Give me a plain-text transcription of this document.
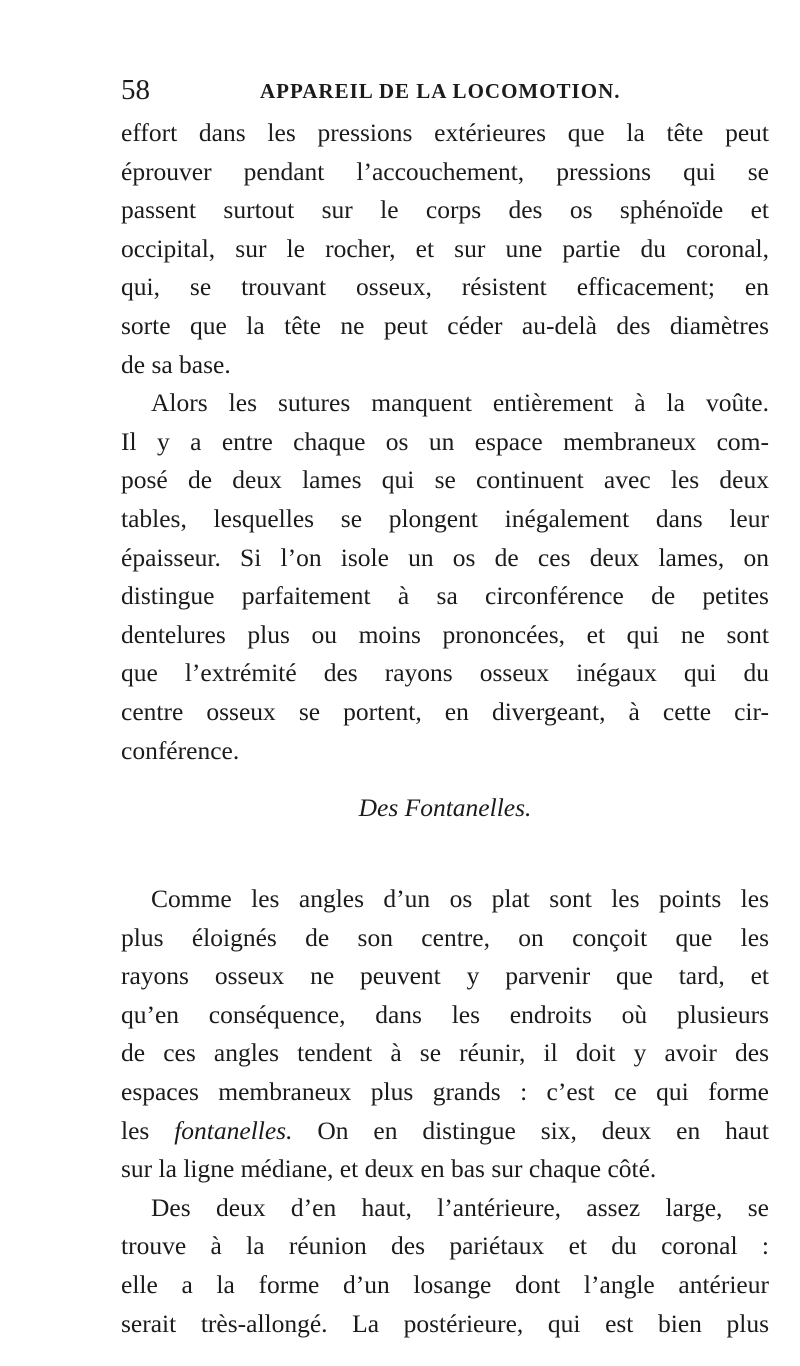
58	APPAREIL DE LA LOCOMOTION.
effort dans les pressions extérieures que la tête peut
éprouver pendant l’accouchement, pressions qui se
passent surtout sur le corps des os sphénoïde et
occipital, sur le rocher, et sur une partie du coronal,
qui, se trouvant osseux, résistent efficacement; en
sorte que la tête ne peut céder au-delà des diamètres
de sa base.
Alors les sutures manquent entièrement à la voûte.
Il y a entre chaque os un espace membraneux com-
posé de deux lames qui se continuent avec les deux
tables, lesquelles se plongent inégalement dans leur
épaisseur. Si l’on isole un os de ces deux lames, on
distingue parfaitement à sa circonférence de petites
dentelures plus ou moins prononcées, et qui ne sont
que l’extrémité des rayons osseux inégaux qui du
centre osseux se portent, en divergeant, à cette cir-
conférence.
Des Fontanelles.
Comme les angles d’un os plat sont les points les
plus éloignés de son centre, on conçoit que les
rayons osseux ne peuvent y parvenir que tard, et
qu’en conséquence, dans les endroits où plusieurs
de ces angles tendent à se réunir, il doit y avoir des
espaces membraneux plus grands : c’est ce qui forme
les fontanelles. On en distingue six, deux en haut
sur la ligne médiane, et deux en bas sur chaque côté.
Des deux d’en haut, l’antérieure, assez large, se
trouve à la réunion des pariétaux et du coronal :
elle a la forme d’un losange dont l’angle antérieur
serait très-allongé. La postérieure, qui est bien plus
